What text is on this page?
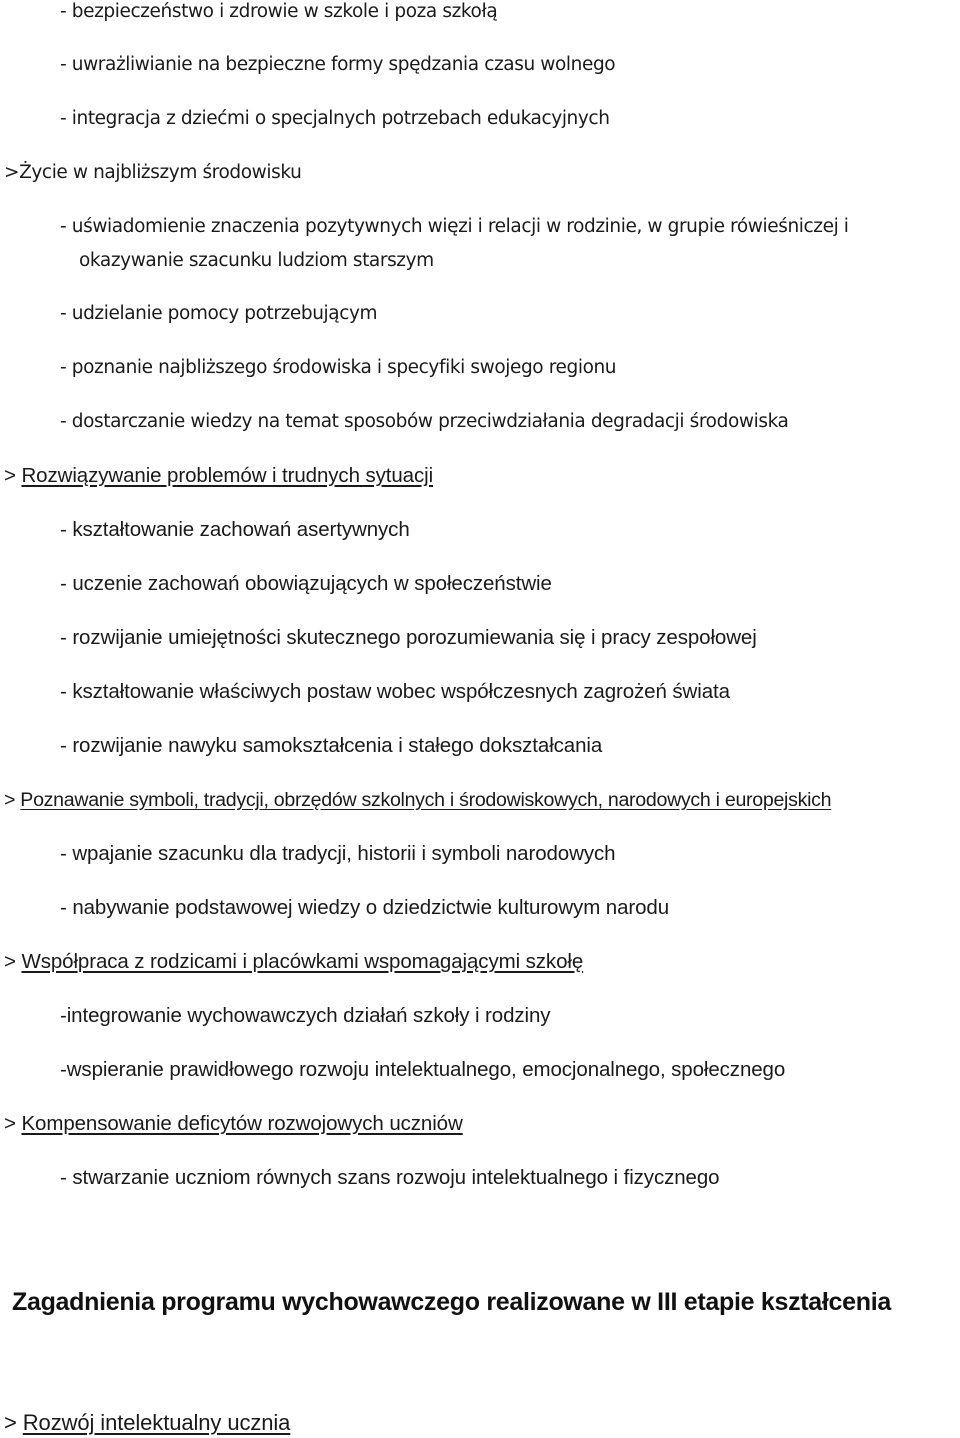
- bezpieczeństwo i zdrowie w szkole i poza szkołą
- uwrażliwianie na bezpieczne formy spędzania czasu wolnego
- integracja z dziećmi o specjalnych potrzebach edukacyjnych
>Życie w najbliższym środowisku
- uświadomienie znaczenia pozytywnych więzi i relacji w rodzinie, w grupie rówieśniczej i
okazywanie szacunku ludziom starszym
- udzielanie pomocy potrzebującym
- poznanie najbliższego środowiska i specyfiki swojego regionu
- dostarczanie wiedzy na temat sposobów przeciwdziałania degradacji środowiska
> Rozwiązywanie problemów i trudnych sytuacji
- kształtowanie zachowań asertywnych
- uczenie zachowań obowiązujących w społeczeństwie
- rozwijanie umiejętności skutecznego porozumiewania się i pracy zespołowej
- kształtowanie właściwych postaw wobec współczesnych zagrożeń świata
- rozwijanie nawyku samokształcenia i stałego dokształcania
> Poznawanie symboli, tradycji, obrzędów szkolnych i środowiskowych, narodowych i europejskich
- wpajanie szacunku dla tradycji, historii i symboli narodowych
- nabywanie podstawowej wiedzy o dziedzictwie kulturowym narodu
> Współpraca z rodzicami i placówkami wspomagającymi szkołę
-integrowanie wychowawczych działań szkoły i rodziny
-wspieranie prawidłowego rozwoju intelektualnego, emocjonalnego, społecznego
> Kompensowanie deficytów rozwojowych uczniów
- stwarzanie uczniom równych szans rozwoju intelektualnego i fizycznego
Zagadnienia programu wychowawczego realizowane w III etapie kształcenia
> Rozwój intelektualny ucznia
